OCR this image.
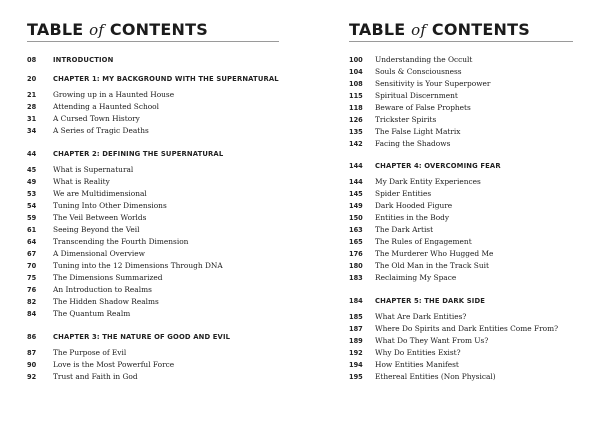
TABLE of CONTENTS
08 INTRODUCTION
20 CHAPTER 1: MY BACKGROUND WITH THE SUPERNATURAL
21 Growing up in a Haunted House
28 Attending a Haunted School
31 A Cursed Town History
34 A Series of Tragic Deaths
44 CHAPTER 2: DEFINING THE SUPERNATURAL
45 What is Supernatural
49 What is Reality
53 We are Multidimensional
54 Tuning Into Other Dimensions
59 The Veil Between Worlds
61 Seeing Beyond the Veil
64 Transcending the Fourth Dimension
67 A Dimensional Overview
70 Tuning into the 12 Dimensions Through DNA
75 The Dimensions Summarized
76 An Introduction to Realms
82 The Hidden Shadow Realms
84 The Quantum Realm
86 CHAPTER 3: THE NATURE OF GOOD AND EVIL
87 The Purpose of Evil
90 Love is the Most Powerful Force
92 Trust and Faith in God
TABLE of CONTENTS
100 Understanding the Occult
104 Souls & Consciousness
108 Sensitivity is Your Superpower
115 Spiritual Discernment
118 Beware of False Prophets
126 Trickster Spirits
135 The False Light Matrix
142 Facing the Shadows
144 CHAPTER 4: OVERCOMING FEAR
144 My Dark Entity Experiences
145 Spider Entities
149 Dark Hooded Figure
150 Entities in the Body
163 The Dark Artist
165 The Rules of Engagement
176 The Murderer Who Hugged Me
180 The Old Man in the Track Suit
183 Reclaiming My Space
184 CHAPTER 5: THE DARK SIDE
185 What Are Dark Entities?
187 Where Do Spirits and Dark Entities Come From?
189 What Do They Want From Us?
192 Why Do Entities Exist?
194 How Entities Manifest
195 Ethereal Entities (Non Physical)
